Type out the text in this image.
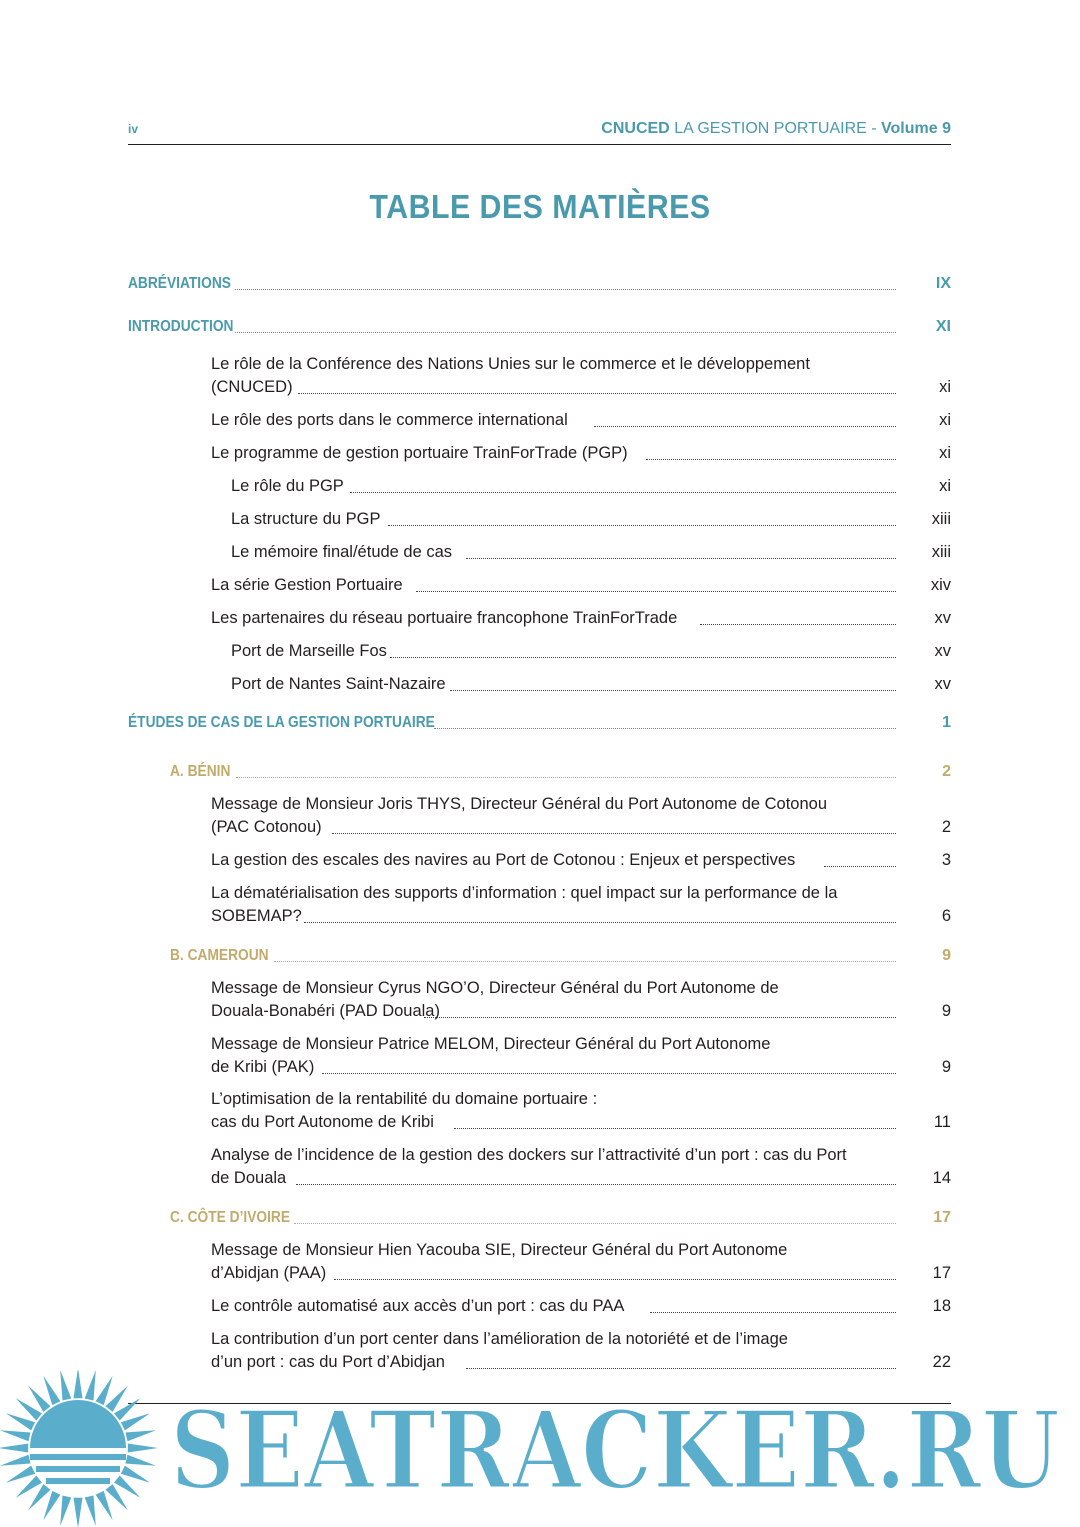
iv	CNUCED LA GESTION PORTUAIRE - Volume 9
TABLE DES MATIÈRES
ABRÉVIATIONS	IX
INTRODUCTION	XI
Le rôle de la Conférence des Nations Unies sur le commerce et le développement
(CNUCED)	xi
Le rôle des ports dans le commerce international	xi
Le programme de gestion portuaire TrainForTrade (PGP)	xi
Le rôle du PGP	xi
La structure du PGP	xiii
Le mémoire final/étude de cas	xiii
La série Gestion Portuaire	xiv
Les partenaires du réseau portuaire francophone TrainForTrade	xv
Port de Marseille Fos	xv
Port de Nantes Saint-Nazaire	xv
ÉTUDES DE CAS DE LA GESTION PORTUAIRE	1
A. BÉNIN	2
Message de Monsieur Joris THYS, Directeur Général du Port Autonome de Cotonou
(PAC Cotonou)	2
La gestion des escales des navires au Port de Cotonou : Enjeux et perspectives	3
La dématérialisation des supports d’information : quel impact sur la performance de la
SOBEMAP?	6
B. CAMEROUN	9
Message de Monsieur Cyrus NGO’O, Directeur Général du Port Autonome de
Douala-Bonabéri (PAD Douala)	9
Message de Monsieur Patrice MELOM, Directeur Général du Port Autonome
de Kribi (PAK)	9
L’optimisation de la rentabilité du domaine portuaire :
cas du Port Autonome de Kribi	11
Analyse de l’incidence de la gestion des dockers sur l’attractivité d’un port : cas du Port
de Douala	14
C. CÔTE D’IVOIRE	17
Message de Monsieur Hien Yacouba SIE, Directeur Général du Port Autonome
d’Abidjan (PAA)	17
Le contrôle automatisé aux accès d’un port : cas du PAA	18
La contribution d’un port center dans l’amélioration de la notoriété et de l’image
d’un port : cas du Port d’Abidjan	22
SEATRACKER.RU
